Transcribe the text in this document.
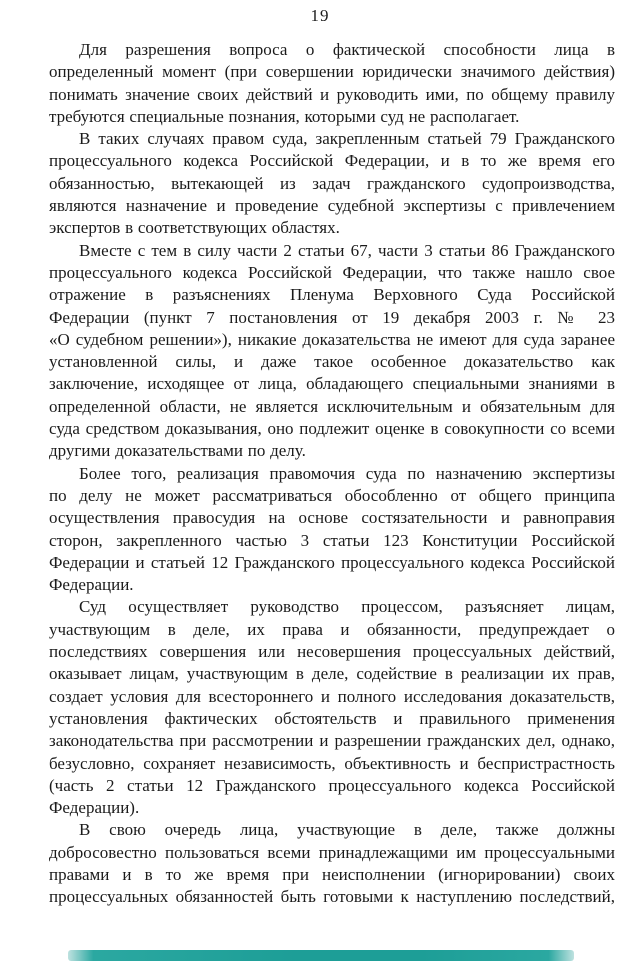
19
Для разрешения вопроса о фактической способности лица в
определенный момент (при совершении юридически значимого действия)
понимать значение своих действий и руководить ими, по общему правилу
требуются специальные познания, которыми суд не располагает.
В таких случаях правом суда, закрепленным статьей 79 Гражданского
процессуального кодекса Российской Федерации, и в то же время его
обязанностью, вытекающей из задач гражданского судопроизводства,
являются назначение и проведение судебной экспертизы с привлечением
экспертов в соответствующих областях.
Вместе с тем в силу части 2 статьи 67, части 3 статьи 86 Гражданского
процессуального кодекса Российской Федерации, что также нашло свое
отражение в разъяснениях Пленума Верховного Суда Российской
Федерации (пункт 7 постановления от 19 декабря 2003 г. № 23
«О судебном решении»), никакие доказательства не имеют для суда заранее
установленной силы, и даже такое особенное доказательство как
заключение, исходящее от лица, обладающего специальными знаниями в
определенной области, не является исключительным и обязательным для
суда средством доказывания, оно подлежит оценке в совокупности со всеми
другими доказательствами по делу.
Более того, реализация правомочия суда по назначению экспертизы
по делу не может рассматриваться обособленно от общего принципа
осуществления правосудия на основе состязательности и равноправия
сторон, закрепленного частью 3 статьи 123 Конституции Российской
Федерации и статьей 12 Гражданского процессуального кодекса Российской
Федерации.
Суд осуществляет руководство процессом, разъясняет лицам,
участвующим в деле, их права и обязанности, предупреждает о
последствиях совершения или несовершения процессуальных действий,
оказывает лицам, участвующим в деле, содействие в реализации их прав,
создает условия для всестороннего и полного исследования доказательств,
установления фактических обстоятельств и правильного применения
законодательства при рассмотрении и разрешении гражданских дел, однако,
безусловно, сохраняет независимость, объективность и беспристрастность
(часть 2 статьи 12 Гражданского процессуального кодекса Российской
Федерации).
В свою очередь лица, участвующие в деле, также должны
добросовестно пользоваться всеми принадлежащими им процессуальными
правами и в то же время при неисполнении (игнорировании) своих
процессуальных обязанностей быть готовыми к наступлению последствий,
